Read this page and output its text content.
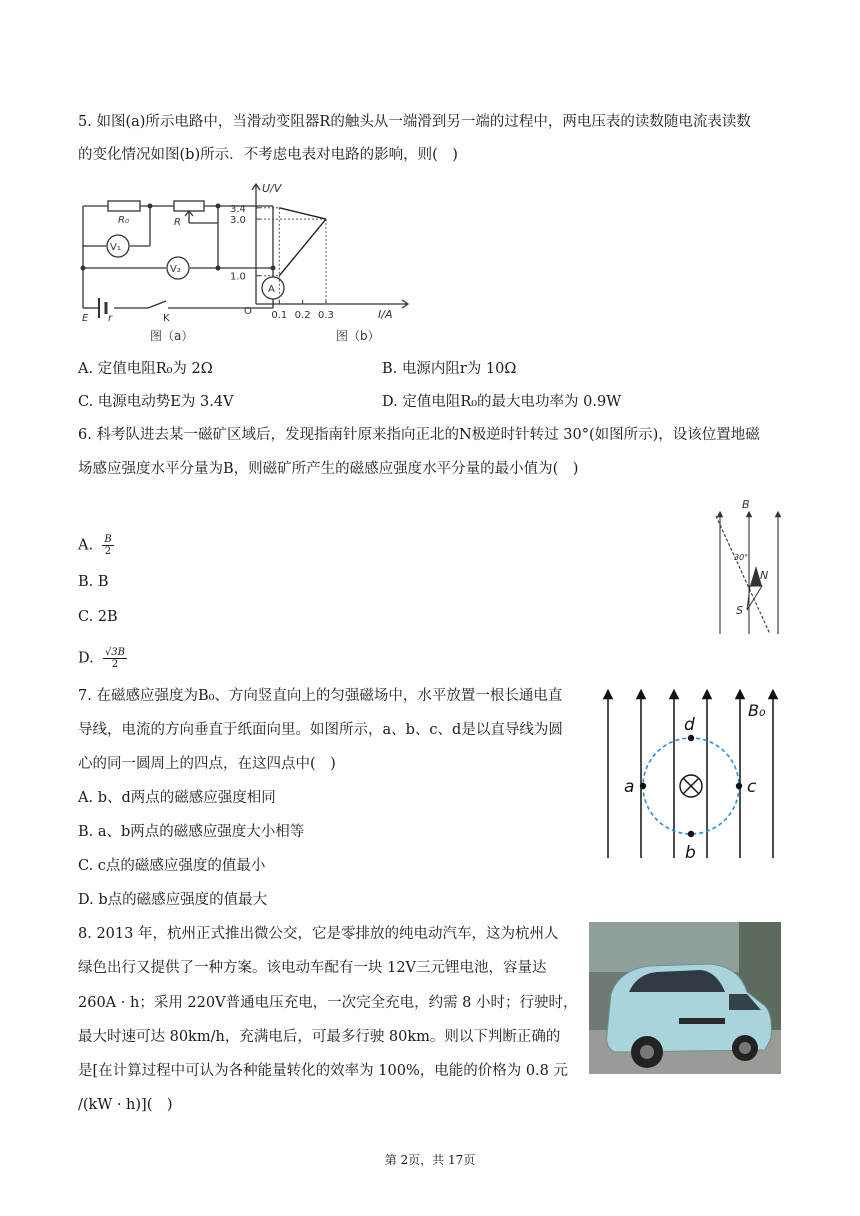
5. 如图(a)所示电路中，当滑动变阻器R的触头从一端滑到另一端的过程中，两电压表的读数随电流表读数
的变化情况如图(b)所示．不考虑电表对电路的影响，则(　)
R₀	R
V₁
V₂
A
E r	K
图（a）
0.1 0.2 0.3
1.0
3.0
3.4
U/V
I/A
O
图（b）
A. 定值电阻R₀为 2Ω	B. 电源内阻r为 10Ω
C. 电源电动势E为 3.4V	D. 定值电阻R₀的最大电功率为 0.9W
6. 科考队进去某一磁矿区域后，发现指南针原来指向正北的N极逆时针转过 30°(如图所示)，设该位置地磁
场感应强度水平分量为B，则磁矿所产生的磁感应强度水平分量的最小值为(　)
A. $\frac{B}{2}$
B. B
C. 2B
D. $\frac{√3B}{2}$
B
30°
N
S
7. 在磁感应强度为B₀、方向竖直向上的匀强磁场中，水平放置一根长通电直
导线，电流的方向垂直于纸面向里。如图所示，a、b、c、d是以直导线为圆
心的同一圆周上的四点，在这四点中(　)
A. b、d两点的磁感应强度相同
B. a、b两点的磁感应强度大小相等
C. c点的磁感应强度的值最小
D. b点的磁感应强度的值最大
a	c
d
b
B₀
8. 2013 年，杭州正式推出微公交，它是零排放的纯电动汽车，这为杭州人
绿色出行又提供了一种方案。该电动车配有一块 12V三元锂电池，容量达
260A · h；采用 220V普通电压充电，一次完全充电，约需 8 小时；行驶时，
最大时速可达 80km/h，充满电后，可最多行驶 80km。则以下判断正确的
是[在计算过程中可认为各种能量转化的效率为 100%，电能的价格为 0.8 元
/(kW · h)](　)
第 2页，共 17页
